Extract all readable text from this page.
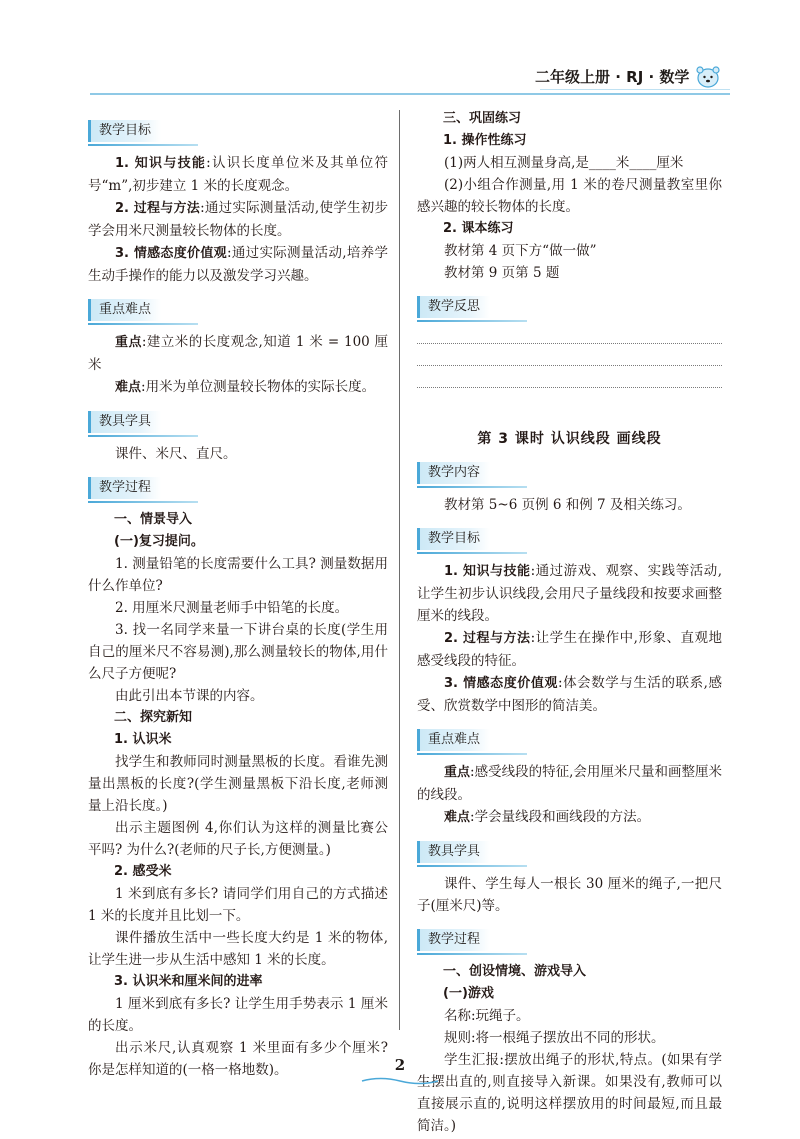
二年级上册 · RJ · 数学
教学目标

1. 知识与技能:认识长度单位米及其单位符号“m”,初步建立 1 米的长度观念。

2. 过程与方法:通过实际测量活动,使学生初步学会用米尺测量较长物体的长度。

3. 情感态度价值观:通过实际测量活动,培养学生动手操作的能力以及激发学习兴趣。

重点难点

重点:建立米的长度观念,知道 1 米 = 100 厘米

难点:用米为单位测量较长物体的实际长度。

教具学具

课件、米尺、直尺。

教学过程

一、情景导入

(一)复习提问。

1. 测量铅笔的长度需要什么工具? 测量数据用什么作单位?

2. 用厘米尺测量老师手中铅笔的长度。

3. 找一名同学来量一下讲台桌的长度(学生用自己的厘米尺不容易测),那么测量较长的物体,用什么尺子方便呢?

由此引出本节课的内容。

二、探究新知

1. 认识米

找学生和教师同时测量黑板的长度。看谁先测量出黑板的长度?(学生测量黑板下沿长度,老师测量上沿长度。)

出示主题图例 4,你们认为这样的测量比赛公平吗? 为什么?(老师的尺子长,方便测量。)

2. 感受米

1 米到底有多长? 请同学们用自己的方式描述 1 米的长度并且比划一下。

课件播放生活中一些长度大约是 1 米的物体,让学生进一步从生活中感知 1 米的长度。

3. 认识米和厘米间的进率

1 厘米到底有多长? 让学生用手势表示 1 厘米的长度。

出示米尺,认真观察 1 米里面有多少个厘米? 你是怎样知道的(一格一格地数)。

三、巩固练习

1. 操作性练习

(1)两人相互测量身高,是____米____厘米

(2)小组合作测量,用 1 米的卷尺测量教室里你感兴趣的较长物体的长度。

2. 课本练习

教材第 4 页下方“做一做”

教材第 9 页第 5 题

教学反思
第 3 课时 认识线段 画线段
教学内容

教材第 5~6 页例 6 和例 7 及相关练习。

教学目标

1. 知识与技能:通过游戏、观察、实践等活动,让学生初步认识线段,会用尺子量线段和按要求画整厘米的线段。

2. 过程与方法:让学生在操作中,形象、直观地感受线段的特征。

3. 情感态度价值观:体会数学与生活的联系,感受、欣赏数学中图形的简洁美。

重点难点

重点:感受线段的特征,会用厘米尺量和画整厘米的线段。

难点:学会量线段和画线段的方法。

教具学具

课件、学生每人一根长 30 厘米的绳子,一把尺子(厘米尺)等。

教学过程

一、创设情境、游戏导入

(一)游戏

名称:玩绳子。

规则:将一根绳子摆放出不同的形状。

学生汇报:摆放出绳子的形状,特点。(如果有学生摆出直的,则直接导入新课。如果没有,教师可以直接展示直的,说明这样摆放用的时间最短,而且最简洁。)

2
